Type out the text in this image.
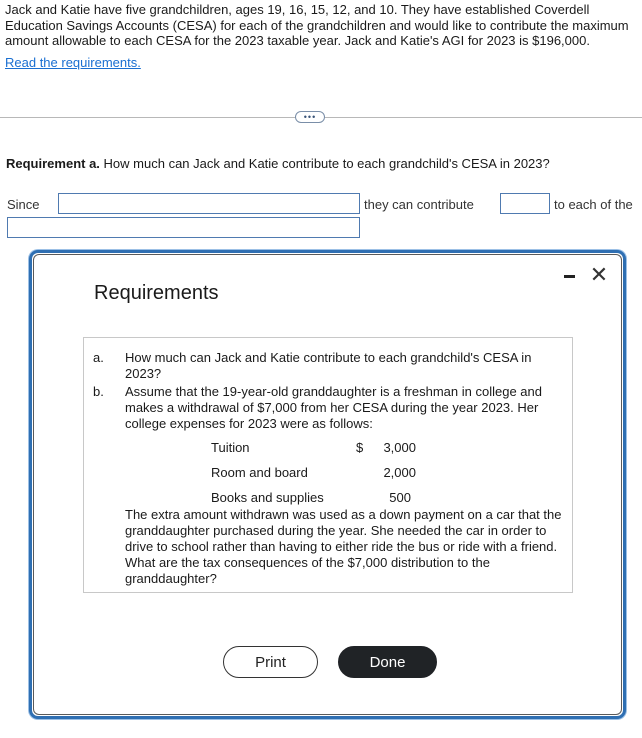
Jack and Katie have five grandchildren, ages 19, 16, 15, 12, and 10. They have established Coverdell Education Savings Accounts (CESA) for each of the grandchildren and would like to contribute the maximum amount allowable to each CESA for the 2023 taxable year. Jack and Katie's AGI for 2023 is $196,000.
Read the requirements.
•••
Requirement a. How much can Jack and Katie contribute to each grandchild's CESA in 2023?
Since	they can contribute	to each of the
Requirements
✕
a. How much can Jack and Katie contribute to each grandchild's CESA in 2023?
b. Assume that the 19-year-old granddaughter is a freshman in college and makes a withdrawal of $7,000 from her CESA during the year 2023. Her college expenses for 2023 were as follows:
Tuition	$ 3,000
Room and board	2,000
Books and supplies	500
The extra amount withdrawn was used as a down payment on a car that the granddaughter purchased during the year. She needed the car in order to drive to school rather than having to either ride the bus or ride with a friend. What are the tax consequences of the $7,000 distribution to the granddaughter?
Print	Done
